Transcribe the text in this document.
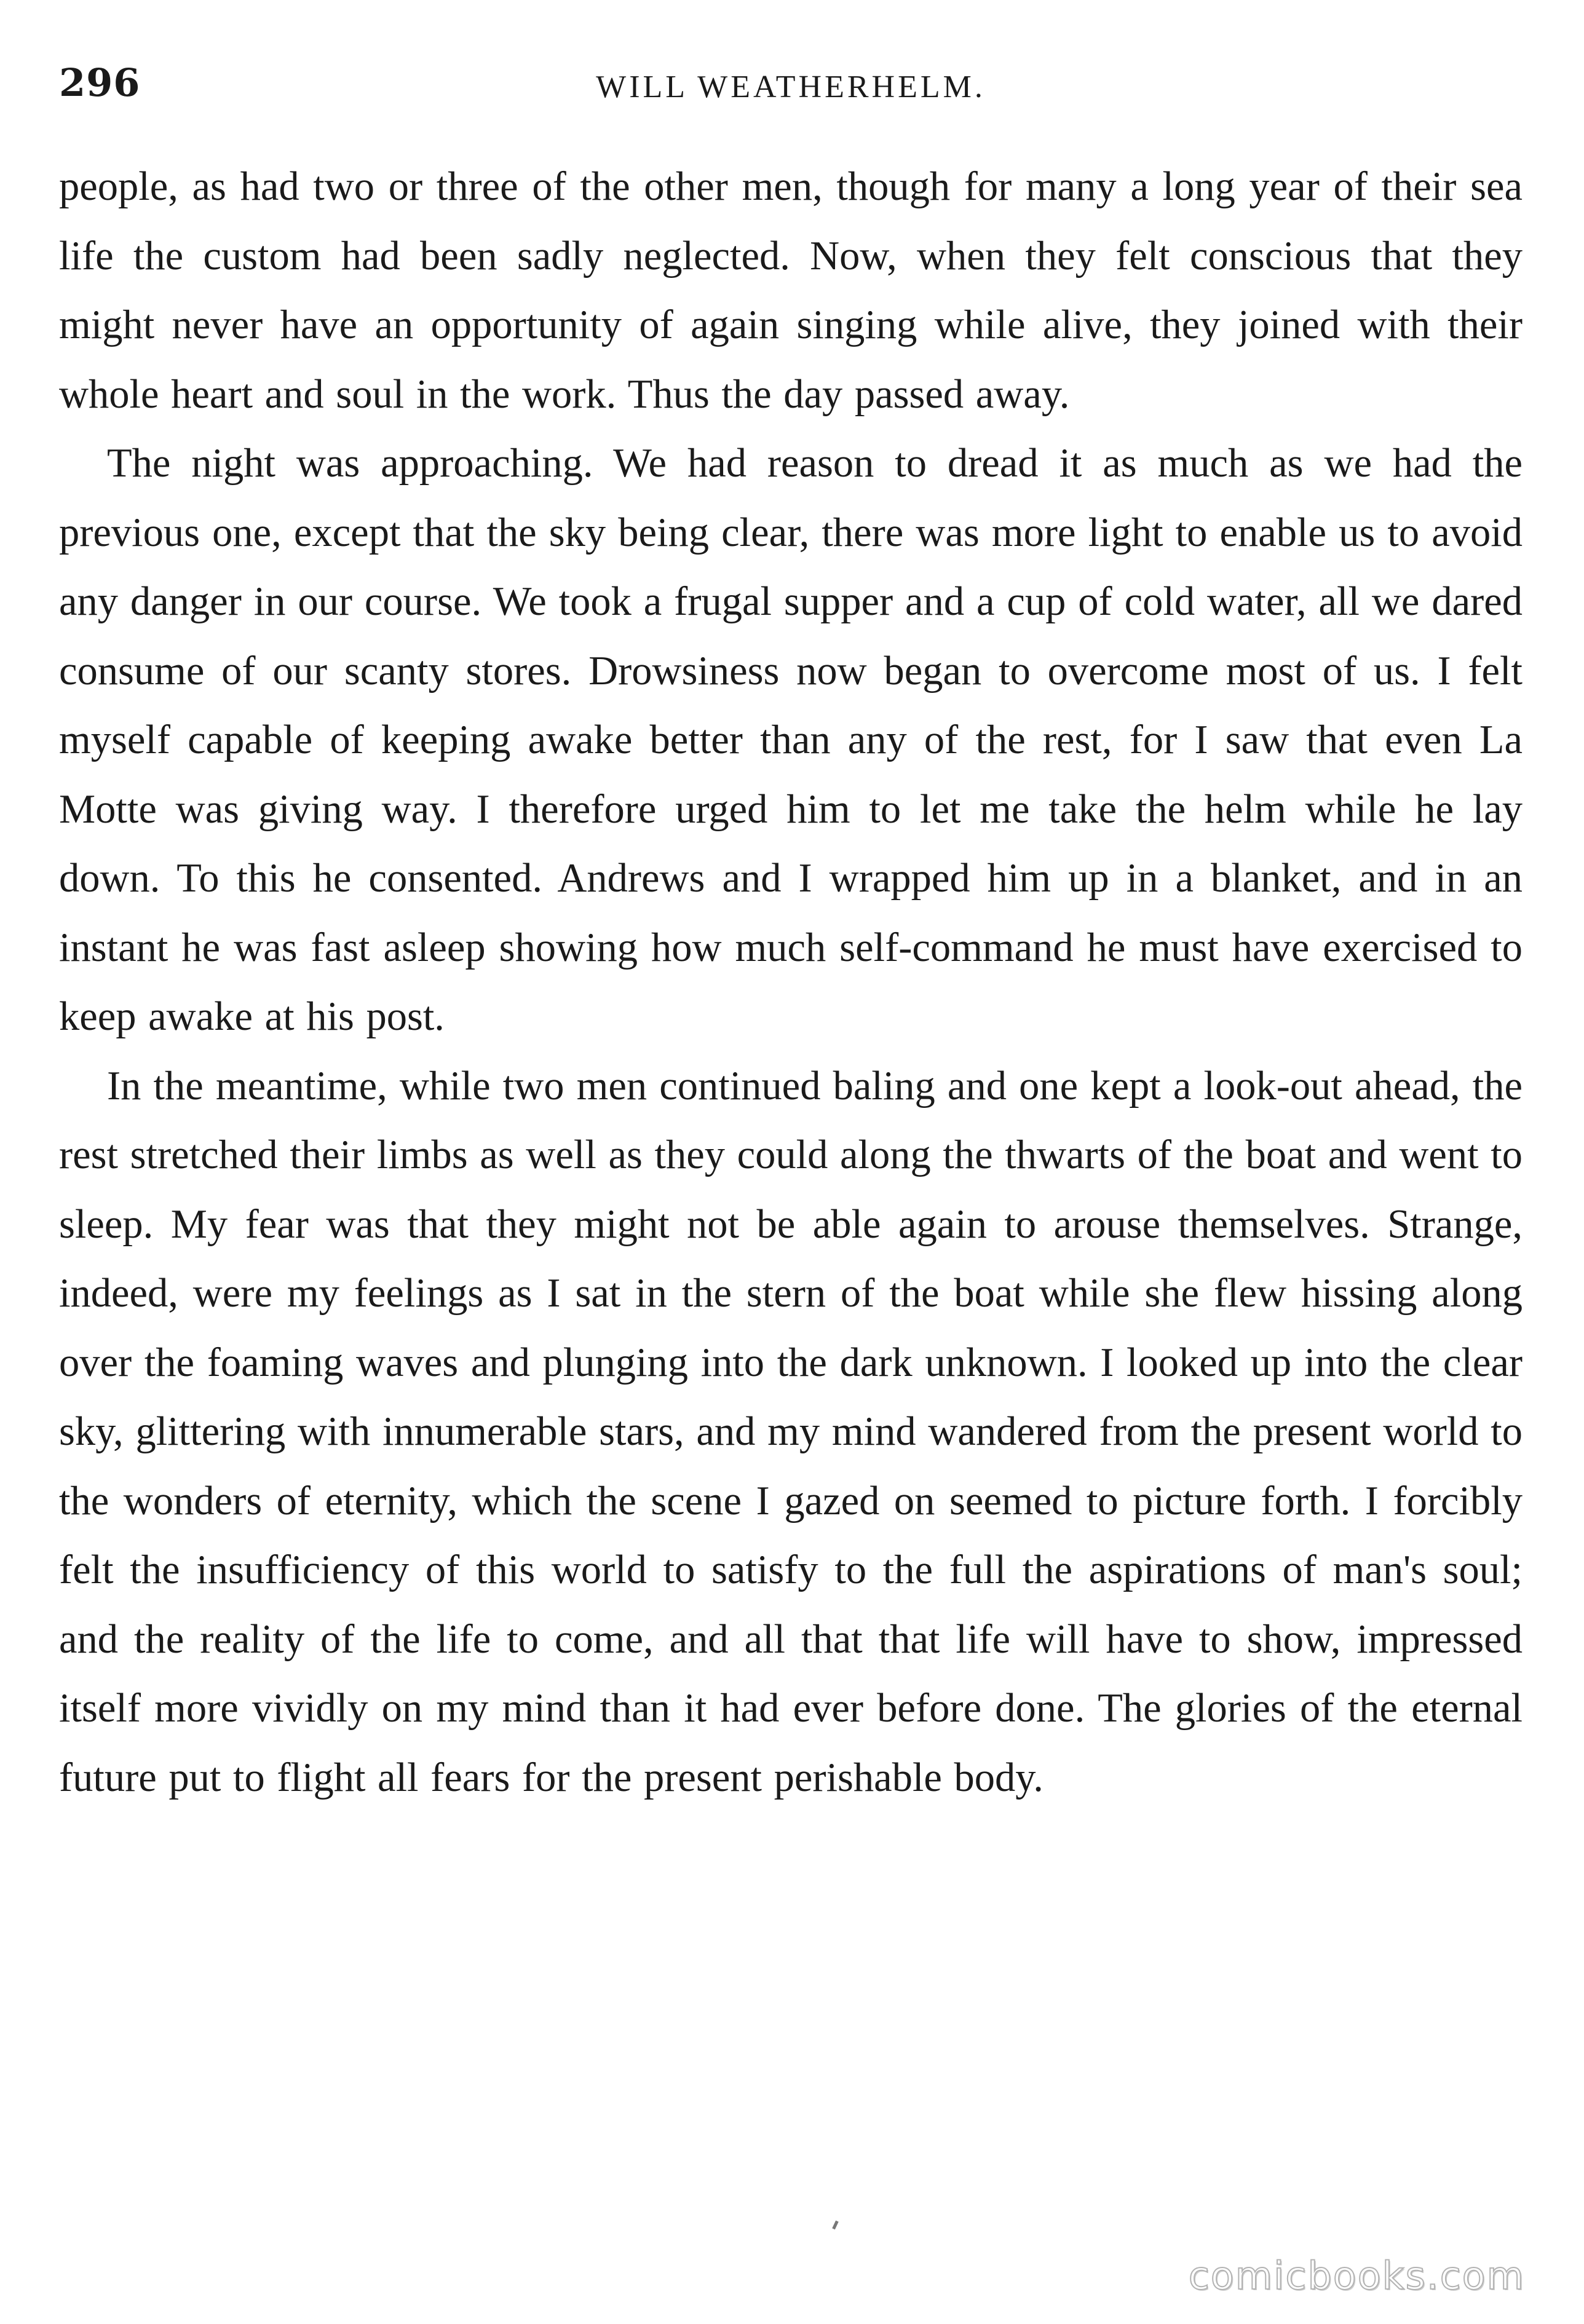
296	WILL WEATHERHELM.

people, as had two or three of the other men, though for many a long year of their sea life the custom had been sadly neglected. Now, when they felt conscious that they might never have an opportunity of again singing while alive, they joined with their whole heart and soul in the work. Thus the day passed away.

The night was approaching. We had reason to dread it as much as we had the previous one, except that the sky being clear, there was more light to enable us to avoid any danger in our course. We took a frugal supper and a cup of cold water, all we dared consume of our scanty stores. Drowsiness now began to overcome most of us. I felt myself capable of keeping awake better than any of the rest, for I saw that even La Motte was giving way. I therefore urged him to let me take the helm while he lay down. To this he consented. Andrews and I wrapped him up in a blanket, and in an instant he was fast asleep showing how much self-command he must have exercised to keep awake at his post.

In the meantime, while two men continued baling and one kept a look-out ahead, the rest stretched their limbs as well as they could along the thwarts of the boat and went to sleep. My fear was that they might not be able again to arouse themselves. Strange, indeed, were my feelings as I sat in the stern of the boat while she flew hissing along over the foaming waves and plunging into the dark unknown. I looked up into the clear sky, glittering with innumerable stars, and my mind wandered from the present world to the wonders of eternity, which the scene I gazed on seemed to picture forth. I forcibly felt the insufficiency of this world to satisfy to the full the aspirations of man's soul; and the reality of the life to come, and all that that life will have to show, impressed itself more vividly on my mind than it had ever before done. The glories of the eternal future put to flight all fears for the present perishable body.

comicbooks.com
